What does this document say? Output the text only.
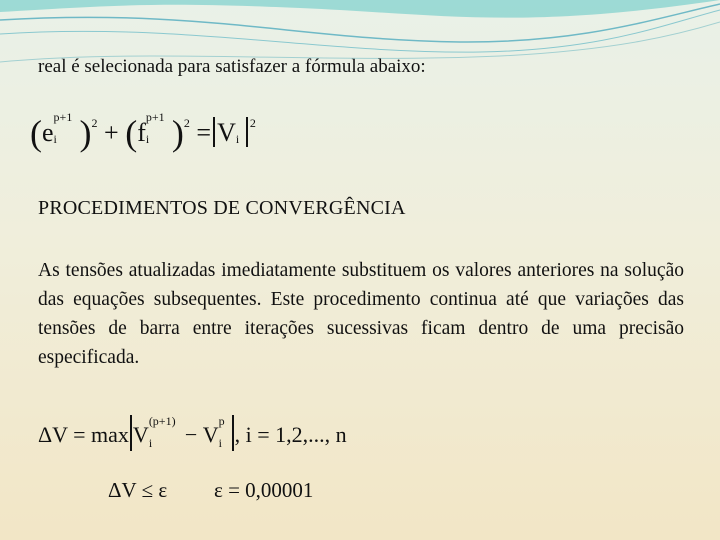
real é selecionada para satisfazer a fórmula abaixo:
(e
p+1
i )$^2$ + (f
p+1
i )$^2$ = V i
$^2$
PROCEDIMENTOS DE CONVERGÊNCIA
As tensões atualizadas imediatamente substituem os valores anteriores na solução das equações subsequentes. Este procedimento continua até que variações das tensões de barra entre iterações sucessivas ficam dentro de uma precisão especificada.
ΔV = max V
(p+1)
i − V
p
i , i = 1,2,..., n
ΔV ≤ ε ε = 0,00001
